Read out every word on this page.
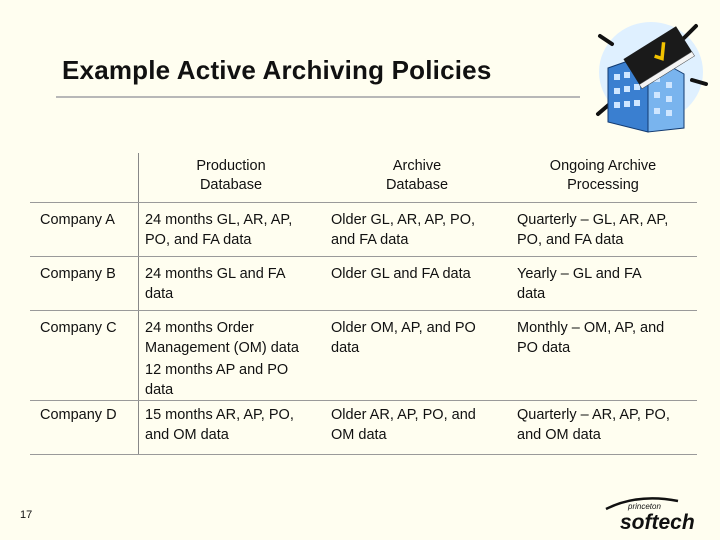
Example Active Archiving Policies
Production
Database
Archive
Database
Ongoing Archive
Processing
Company A 24 months GL, AR, AP,
PO, and FA data
Older GL, AR, AP, PO,
and FA data
Quarterly – GL, AR, AP,
PO, and FA data
Company B 24 months GL and FA
data
Older GL and FA data	Yearly – GL and FA
data
Company C 24 months Order
Management (OM) data
12 months AP and PO
data
Older OM, AP, and PO
data
Monthly – OM, AP, and
PO data
Company D 15 months AR, AP, PO,
and OM data
Older AR, AP, PO, and
OM data
Quarterly – AR, AP, PO,
and OM data
17
princeton
softech
